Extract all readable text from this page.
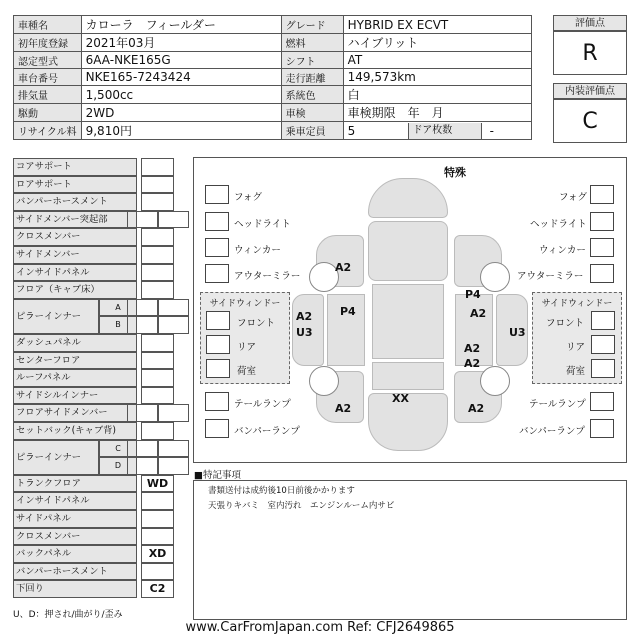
車種名	カローラ　フィールダー	グレード	HYBRID EX ECVT
初年度登録	2021年03月	燃料	ハイブリット
認定型式	6AA-NKE165G	シフト	AT
車台番号	NKE165-7243424	走行距離	149,573km
排気量	1,500cc	系統色	白
駆動	2WD	車検	車検期限　年　月
リサイクル料	9,810円	乗車定員	5 ドア枚数 -
評価点
R
内装評価点
C
コアサポート
ロアサポート
バンパーホースメント
サイドメンバー突起部
クロスメンバー
サイドメンバー
インサイドパネル
フロア（キャブ床）
ピラーインナー
A
B
ダッシュパネル
センターフロア
ルーフパネル
サイドシルインナー
フロアサイドメンバー
セットバック(キャブ背)
ピラーインナー
C
D
トランクフロア	WD
インサイドパネル
サイドパネル
クロスメンバー
バックパネル	XD
バンパーホースメント
下回り	C2
U、D：押され/曲がり/歪み
特殊
フォグ
ヘッドライト
ウィンカー
アウターミラー
フォグ
ヘッドライト
ウィンカー
アウターミラー
サイドウィンドー
フロント
リア
荷室
サイドウィンドー
フロント
リア
荷室
A2
A2
P4
P4
A2
U3	U3
A2
A2
A2	A2
XX
テールランプ
バンパーランプ
テールランプ
バンパーランプ
■特記事項
書類送付は成約後10日前後かかります
天張りキバミ　室内汚れ　エンジンルーム内サビ
www.CarFromJapan.com Ref: CFJ2649865
